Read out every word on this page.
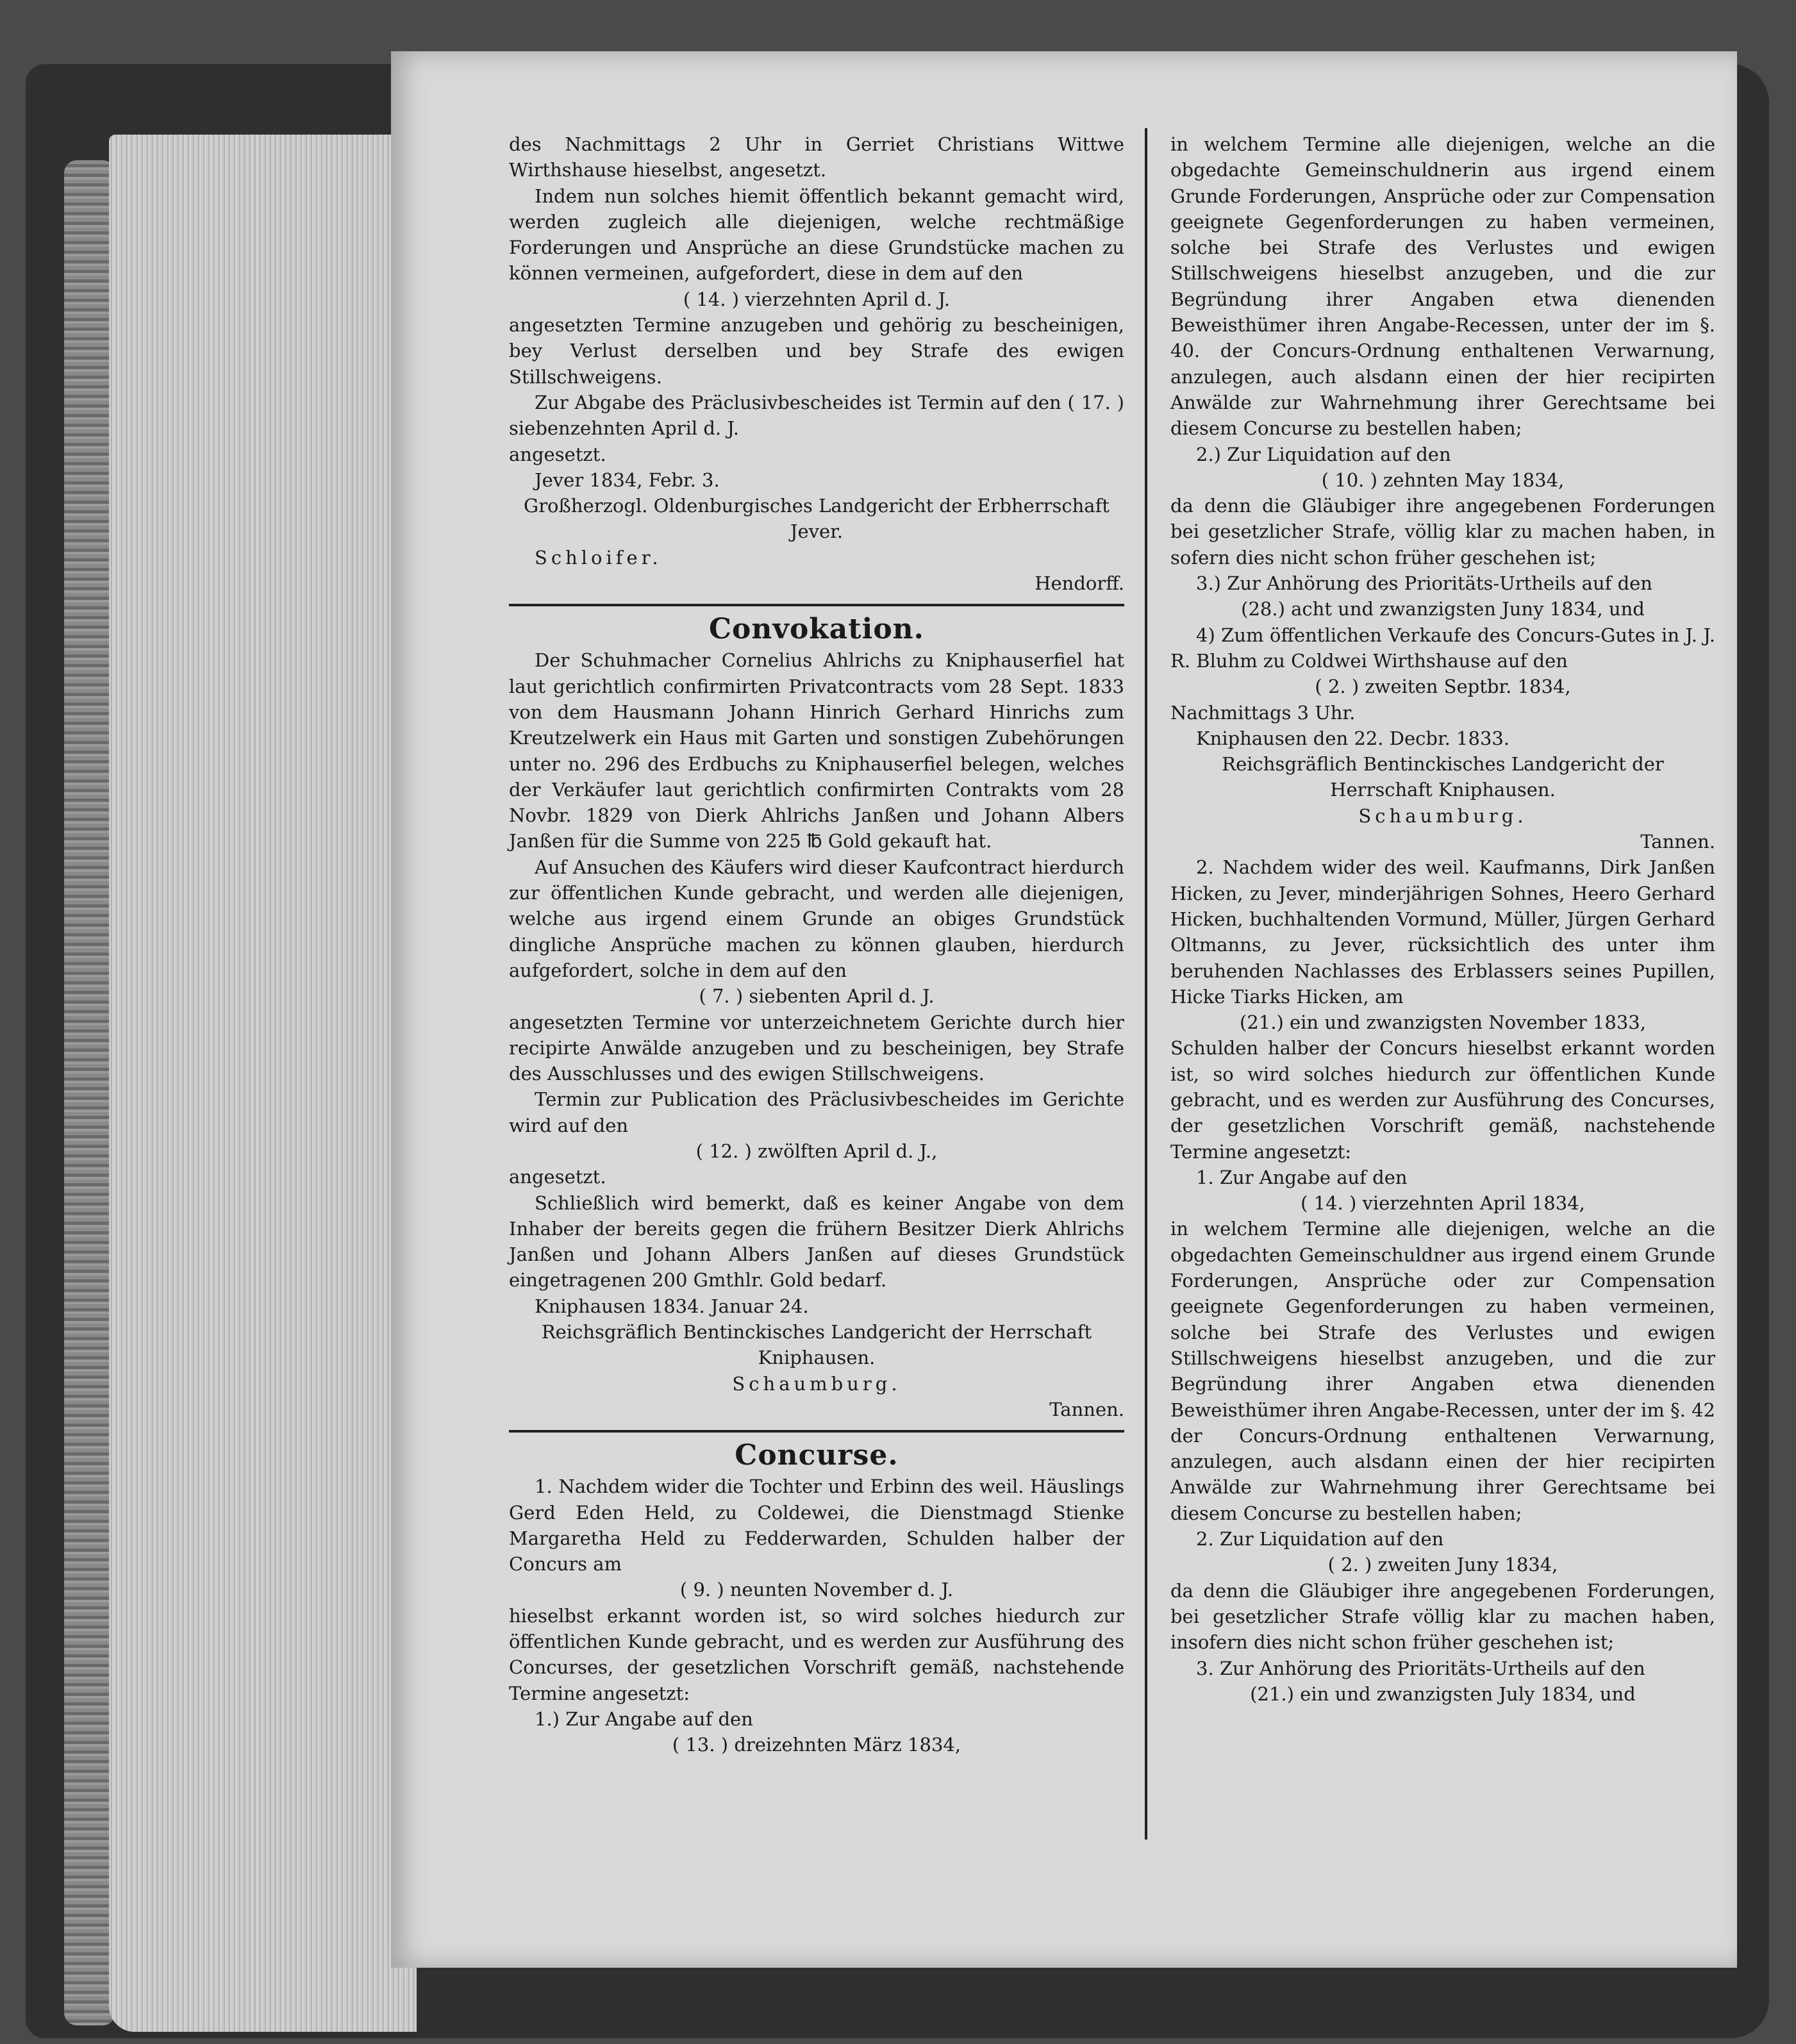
des Nachmittags 2 Uhr in Gerriet Christians Wittwe Wirthshause hieselbst, angesetzt.

Indem nun solches hiemit öffentlich bekannt gemacht wird, werden zugleich alle diejenigen, welche rechtmäßige Forderungen und Ansprüche an diese Grundstücke machen zu können vermeinen, aufgefordert, diese in dem auf den

( 14. ) vierzehnten April d. J.

angesetzten Termine anzugeben und gehörig zu bescheinigen, bey Verlust derselben und bey Strafe des ewigen Stillschweigens.

Zur Abgabe des Präclusivbescheides ist Termin auf den ( 17. ) siebenzehnten April d. J.

angesetzt.

Jever 1834, Febr. 3.

Großherzogl. Oldenburgisches Landgericht der Erbherrschaft Jever.

Schloifer.

Hendorff.

Convokation.

Der Schuhmacher Cornelius Ahlrichs zu Kniphauserfiel hat laut gerichtlich confirmirten Privatcontracts vom 28 Sept. 1833 von dem Hausmann Johann Hinrich Gerhard Hinrichs zum Kreutzelwerk ein Haus mit Garten und sonstigen Zubehörungen unter no. 296 des Erdbuchs zu Kniphauserfiel belegen, welches der Verkäufer laut gerichtlich confirmirten Contrakts vom 28 Novbr. 1829 von Dierk Ahlrichs Janßen und Johann Albers Janßen für die Summe von 225 ℔ Gold gekauft hat.

Auf Ansuchen des Käufers wird dieser Kaufcontract hierdurch zur öffentlichen Kunde gebracht, und werden alle diejenigen, welche aus irgend einem Grunde an obiges Grundstück dingliche Ansprüche machen zu können glauben, hierdurch aufgefordert, solche in dem auf den

( 7. ) siebenten April d. J.

angesetzten Termine vor unterzeichnetem Gerichte durch hier recipirte Anwälde anzugeben und zu bescheinigen, bey Strafe des Ausschlusses und des ewigen Stillschweigens.

Termin zur Publication des Präclusivbescheides im Gerichte wird auf den

( 12. ) zwölften April d. J.,

angesetzt.

Schließlich wird bemerkt, daß es keiner Angabe von dem Inhaber der bereits gegen die frühern Besitzer Dierk Ahlrichs Janßen und Johann Albers Janßen auf dieses Grundstück eingetragenen 200 Gmthlr. Gold bedarf.

Kniphausen 1834. Januar 24.

Reichsgräflich Bentinckisches Landgericht der Herrschaft Kniphausen.

Schaumburg.

Tannen.

Concurse.

1. Nachdem wider die Tochter und Erbinn des weil. Häuslings Gerd Eden Held, zu Coldewei, die Dienstmagd Stienke Margaretha Held zu Fedderwarden, Schulden halber der Concurs am

( 9. ) neunten November d. J.

hieselbst erkannt worden ist, so wird solches hiedurch zur öffentlichen Kunde gebracht, und es werden zur Ausführung des Concurses, der gesetzlichen Vorschrift gemäß, nachstehende Termine angesetzt:

1.) Zur Angabe auf den

( 13. ) dreizehnten März 1834,

in welchem Termine alle diejenigen, welche an die obgedachte Gemeinschuldnerin aus irgend einem Grunde Forderungen, Ansprüche oder zur Compensation geeignete Gegenforderungen zu haben vermeinen, solche bei Strafe des Verlustes und ewigen Stillschweigens hieselbst anzugeben, und die zur Begründung ihrer Angaben etwa dienenden Beweisthümer ihren Angabe-Recessen, unter der im §. 40. der Concurs-Ordnung enthaltenen Verwarnung, anzulegen, auch alsdann einen der hier recipirten Anwälde zur Wahrnehmung ihrer Gerechtsame bei diesem Concurse zu bestellen haben;

2.) Zur Liquidation auf den

( 10. ) zehnten May 1834,

da denn die Gläubiger ihre angegebenen Forderungen bei gesetzlicher Strafe, völlig klar zu machen haben, in sofern dies nicht schon früher geschehen ist;

3.) Zur Anhörung des Prioritäts-Urtheils auf den

(28.) acht und zwanzigsten Juny 1834, und

4) Zum öffentlichen Verkaufe des Concurs-Gutes in J. J. R. Bluhm zu Coldwei Wirthshause auf den

( 2. ) zweiten Septbr. 1834,

Nachmittags 3 Uhr.

Kniphausen den 22. Decbr. 1833.

Reichsgräflich Bentinckisches Landgericht der Herrschaft Kniphausen.

Schaumburg.

Tannen.

2. Nachdem wider des weil. Kaufmanns, Dirk Janßen Hicken, zu Jever, minderjährigen Sohnes, Heero Gerhard Hicken, buchhaltenden Vormund, Müller, Jürgen Gerhard Oltmanns, zu Jever, rücksichtlich des unter ihm beruhenden Nachlasses des Erblassers seines Pupillen, Hicke Tiarks Hicken, am

(21.) ein und zwanzigsten November 1833,

Schulden halber der Concurs hieselbst erkannt worden ist, so wird solches hiedurch zur öffentlichen Kunde gebracht, und es werden zur Ausführung des Concurses, der gesetzlichen Vorschrift gemäß, nachstehende Termine angesetzt:

1. Zur Angabe auf den

( 14. ) vierzehnten April 1834,

in welchem Termine alle diejenigen, welche an die obgedachten Gemeinschuldner aus irgend einem Grunde Forderungen, Ansprüche oder zur Compensation geeignete Gegenforderungen zu haben vermeinen, solche bei Strafe des Verlustes und ewigen Stillschweigens hieselbst anzugeben, und die zur Begründung ihrer Angaben etwa dienenden Beweisthümer ihren Angabe-Recessen, unter der im §. 42 der Concurs-Ordnung enthaltenen Verwarnung, anzulegen, auch alsdann einen der hier recipirten Anwälde zur Wahrnehmung ihrer Gerechtsame bei diesem Concurse zu bestellen haben;

2. Zur Liquidation auf den

( 2. ) zweiten Juny 1834,

da denn die Gläubiger ihre angegebenen Forderungen, bei gesetzlicher Strafe völlig klar zu machen haben, insofern dies nicht schon früher geschehen ist;

3. Zur Anhörung des Prioritäts-Urtheils auf den

(21.) ein und zwanzigsten July 1834, und
